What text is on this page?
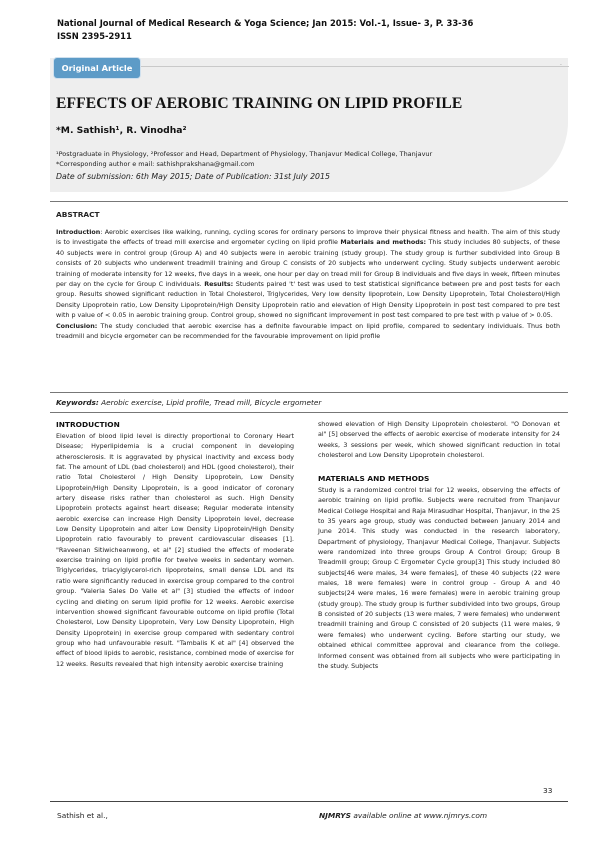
National Journal of Medical Research & Yoga Science; Jan 2015: Vol.-1, Issue- 3, P. 33-36
ISSN 2395-2911
Original Article
EFFECTS OF AEROBIC TRAINING ON LIPID PROFILE
*M. Sathish¹, R. Vinodha²
¹Postgraduate in Physiology, ²Professor and Head, Department of Physiology, Thanjavur Medical College, Thanjavur
*Corresponding author e mail: sathishprakshana@gmail.com
Date of submission: 6th May 2015; Date of Publication: 31st July 2015
ABSTRACT
Introduction: Aerobic exercises like walking, running, cycling scores for ordinary persons to improve their physical fitness and health. The aim of this study is to investigate the effects of tread mill exercise and ergometer cycling on lipid profile Materials and methods: This study includes 80 subjects, of these 40 subjects were in control group (Group A) and 40 subjects were in aerobic training (study group). The study group is further subdivided into Group B consists of 20 subjects who underwent treadmill training and Group C consists of 20 subjects who underwent cycling. Study subjects underwent aerobic training of moderate intensity for 12 weeks, five days in a week, one hour per day on tread mill for Group B individuals and five days in week, fifteen minutes per day on the cycle for Group C individuals. Results: Students paired 't' test was used to test statistical significance between pre and post tests for each group. Results showed significant reduction in Total Cholesterol, Triglycerides, Very low density lipoprotein, Low Density Lipoprotein, Total Cholesterol/High Density Lipoprotein ratio, Low Density Lipoprotein/High Density Lipoprotein ratio and elevation of High Density Lipoprotein in post test compared to pre test with p value of < 0.05 in aerobic training group. Control group, showed no significant improvement in post test compared to pre test with p value of > 0.05.
Conclusion: The study concluded that aerobic exercise has a definite favourable impact on lipid profile, compared to sedentary individuals. Thus both treadmill and bicycle ergometer can be recommended for the favourable improvement on lipid profile
Keywords: Aerobic exercise, Lipid profile, Tread mill, Bicycle ergometer
INTRODUCTION

Elevation of blood lipid level is directly proportional to Coronary Heart Disease; Hyperlipidemia is a crucial component in developing atherosclerosis. It is aggravated by physical inactivity and excess body fat. The amount of LDL (bad cholesterol) and HDL (good cholesterol), their ratio Total Cholesterol / High Density Lipoprotein, Low Density Lipoprotein/High Density Lipoprotein, is a good indicator of coronary artery disease risks rather than cholesterol as such. High Density Lipoprotein protects against heart disease; Regular moderate intensity aerobic exercise can increase High Density Lipoprotein level, decrease Low Density Lipoprotein and alter Low Density Lipoprotein/High Density Lipoprotein ratio favourably to prevent cardiovascular diseases [1]. "Raveenan Sitiwicheanwong, et al" [2] studied the effects of moderate exercise training on lipid profile for twelve weeks in sedentary women. Triglycerides, triacylglycerol-rich lipoproteins, small dense LDL and its ratio were significantly reduced in exercise group compared to the control group. "Valeria Sales Do Valle et al" [3] studied the effects of indoor cycling and dieting on serum lipid profile for 12 weeks. Aerobic exercise intervention showed significant favourable outcome on lipid profile (Total Cholesterol, Low Density Lipoprotein, Very Low Density Lipoprotein, High Density Lipoprotein) in exercise group compared with sedentary control group who had unfavourable result. "Tambalis K et al" [4] observed the effect of blood lipids to aerobic, resistance, combined mode of exercise for 12 weeks. Results revealed that high intensity aerobic exercise training

showed elevation of High Density Lipoprotein cholesterol. "O Donovan et al" [5] observed the effects of aerobic exercise of moderate intensity for 24 weeks, 3 sessions per week, which showed significant reduction in total cholesterol and Low Density Lipoprotein cholesterol.

MATERIALS AND METHODS

Study is a randomized control trial for 12 weeks, observing the effects of aerobic training on lipid profile. Subjects were recruited from Thanjavur Medical College Hospital and Raja Mirasudhar Hospital, Thanjavur, in the 25 to 35 years age group, study was conducted between January 2014 and June 2014. This study was conducted in the research laboratory, Department of physiology, Thanjavur Medical College, Thanjavur. Subjects were randomized into three groups Group A Control Group; Group B Treadmill group; Group C Ergometer Cycle group[3] This study included 80 subjects[46 were males, 34 were females], of these 40 subjects (22 were males, 18 were females) were in control group - Group A and 40 subjects(24 were males, 16 were females) were in aerobic training group (study group). The study group is further subdivided into two groups, Group B consisted of 20 subjects (13 were males, 7 were females) who underwent treadmill training and Group C consisted of 20 subjects (11 were males, 9 were females) who underwent cycling. Before starting our study, we obtained ethical committee approval and clearance from the college. Informed consent was obtained from all subjects who were participating in the study. Subjects

33
Sathish et al.,	NJMRYS available online at www.njmrys.com
